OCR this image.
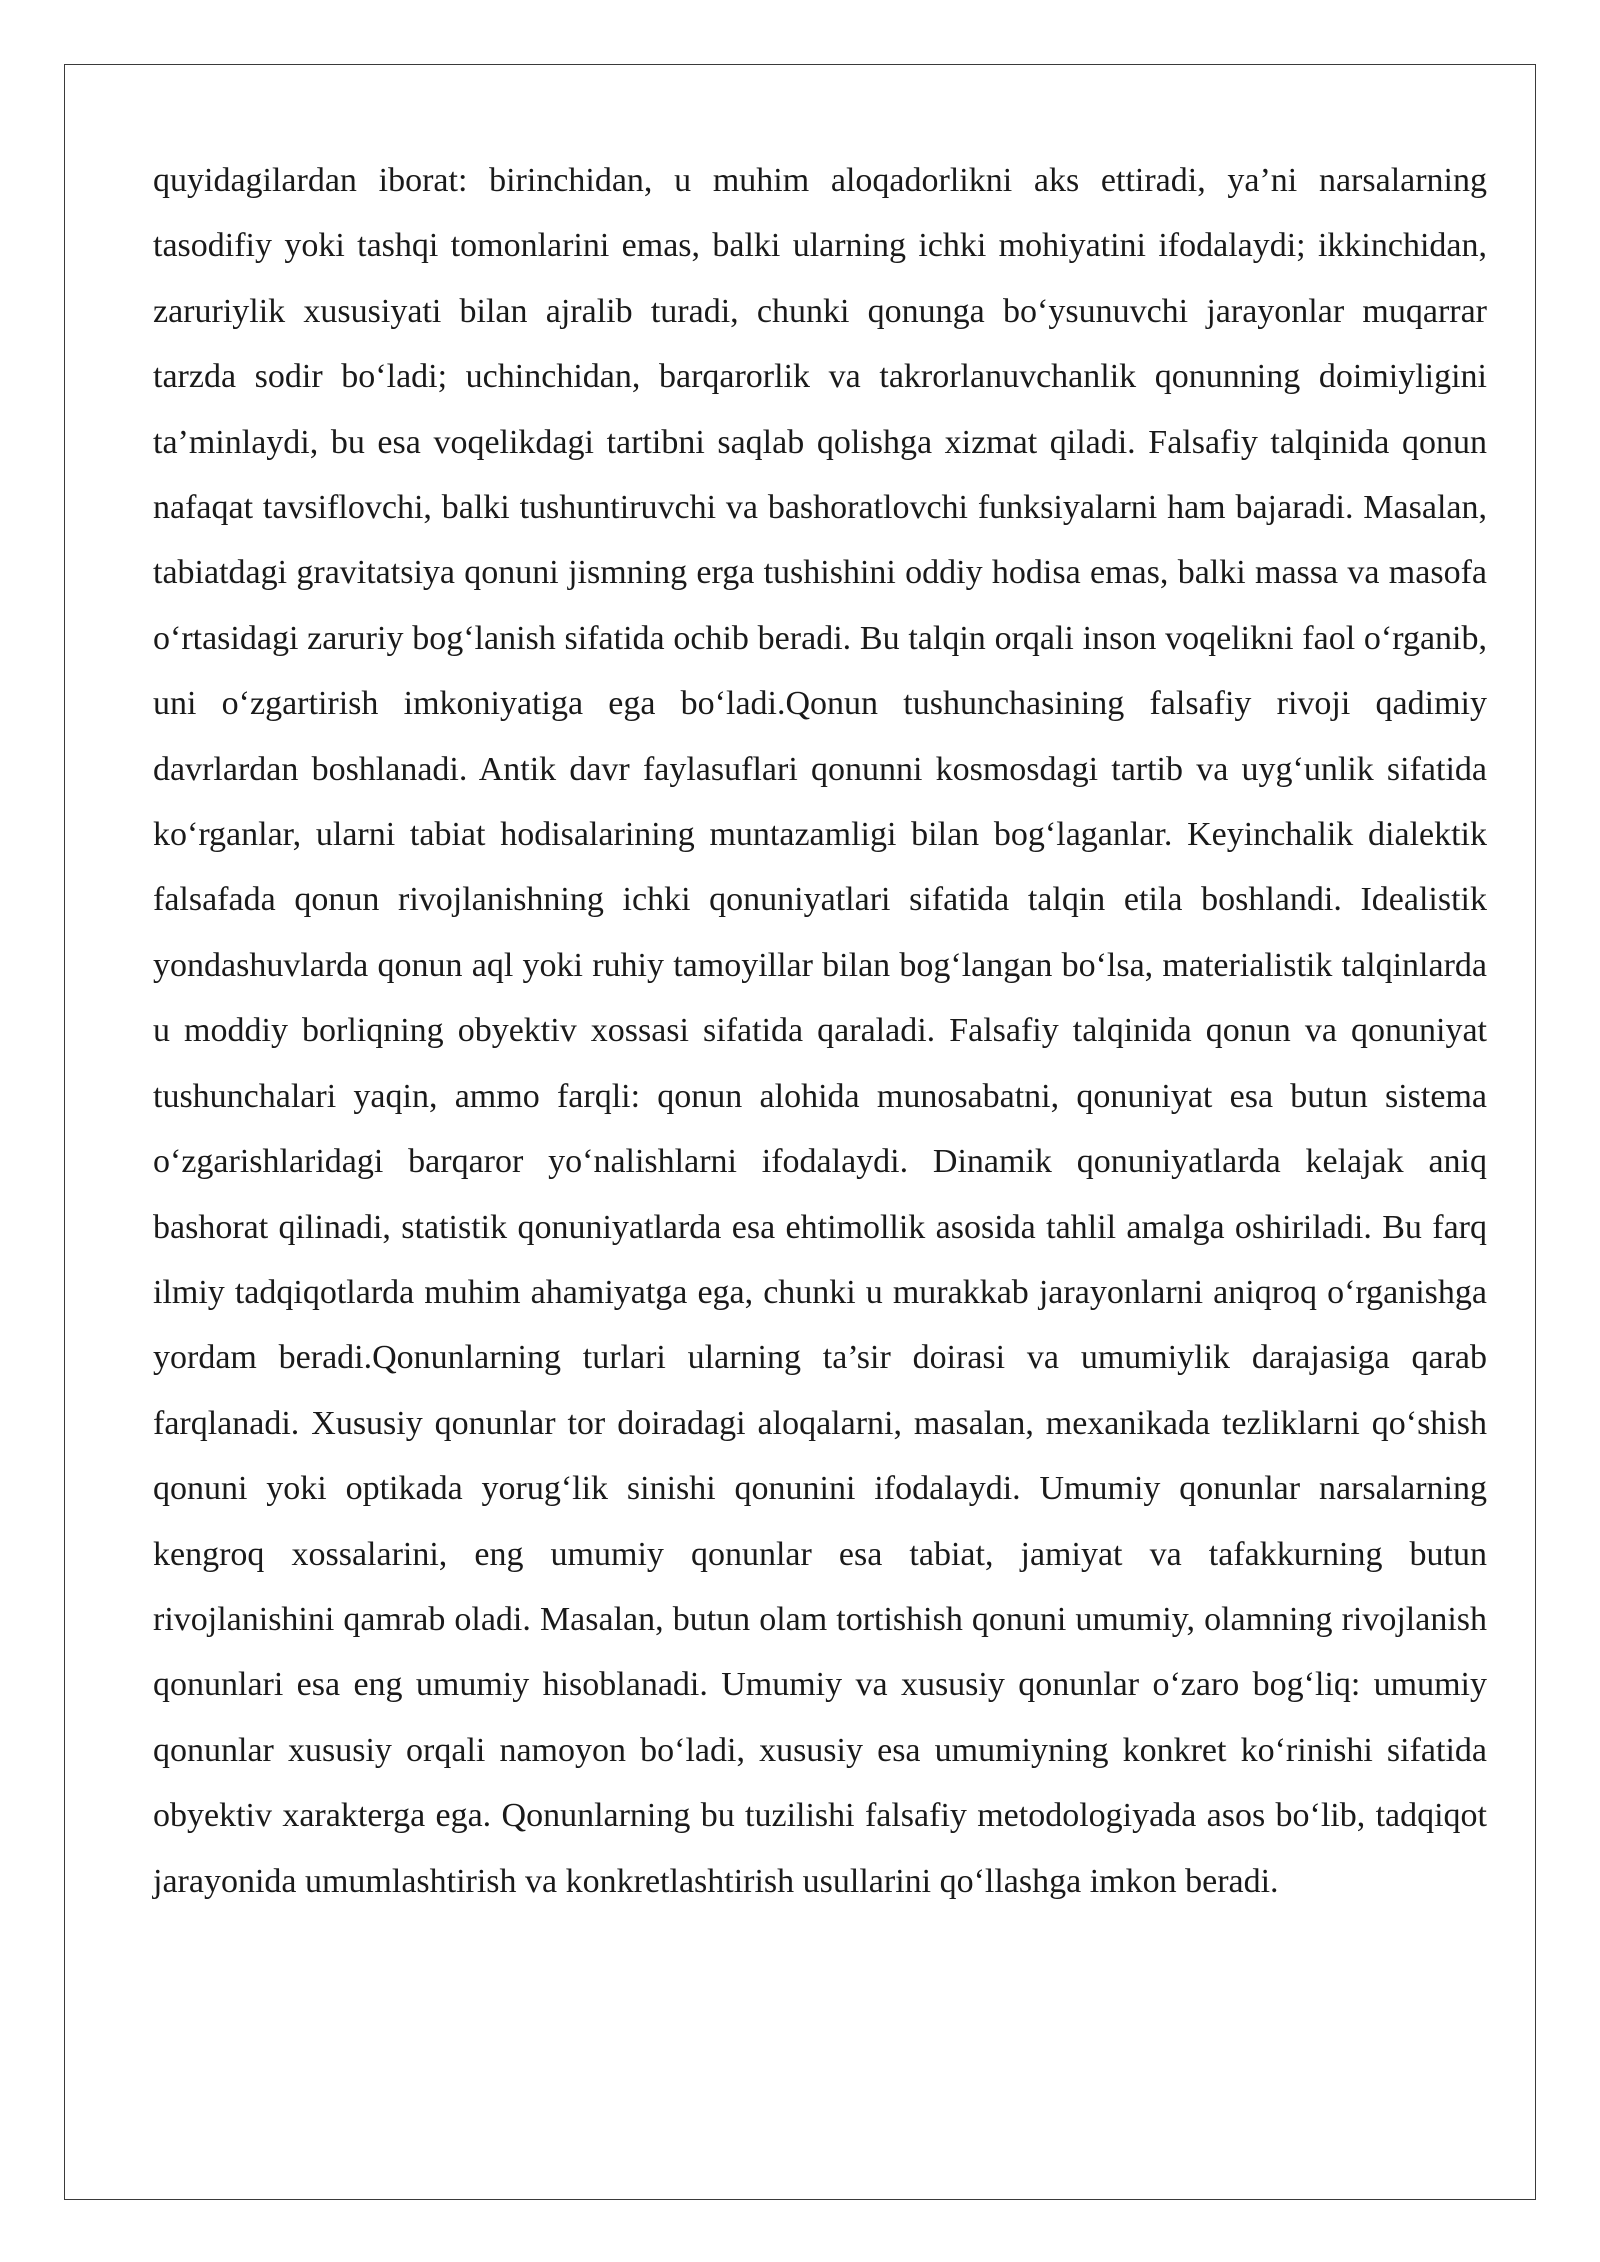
quyidagilardan iborat: birinchidan, u muhim aloqadorlikni aks ettiradi, ya’ni narsalarning tasodifiy yoki tashqi tomonlarini emas, balki ularning ichki mohiyatini ifodalaydi; ikkinchidan, zaruriylik xususiyati bilan ajralib turadi, chunki qonunga bo‘ysunuvchi jarayonlar muqarrar tarzda sodir bo‘ladi; uchinchidan, barqarorlik va takrorlanuvchanlik qonunning doimiyligini ta’minlaydi, bu esa voqelikdagi tartibni saqlab qolishga xizmat qiladi. Falsafiy talqinida qonun nafaqat tavsiflovchi, balki tushuntiruvchi va bashoratlovchi funksiyalarni ham bajaradi. Masalan, tabiatdagi gravitatsiya qonuni jismning erga tushishini oddiy hodisa emas, balki massa va masofa o‘rtasidagi zaruriy bog‘lanish sifatida ochib beradi. Bu talqin orqali inson voqelikni faol o‘rganib, uni o‘zgartirish imkoniyatiga ega bo‘ladi.Qonun tushunchasining falsafiy rivoji qadimiy davrlardan boshlanadi. Antik davr faylasuflari qonunni kosmosdagi tartib va uyg‘unlik sifatida ko‘rganlar, ularni tabiat hodisalarining muntazamligi bilan bog‘laganlar. Keyinchalik dialektik falsafada qonun rivojlanishning ichki qonuniyatlari sifatida talqin etila boshlandi. Idealistik yondashuvlarda qonun aql yoki ruhiy tamoyillar bilan bog‘langan bo‘lsa, materialistik talqinlarda u moddiy borliqning obyektiv xossasi sifatida qaraladi. Falsafiy talqinida qonun va qonuniyat tushunchalari yaqin, ammo farqli: qonun alohida munosabatni, qonuniyat esa butun sistema o‘zgarishlaridagi barqaror yo‘nalishlarni ifodalaydi. Dinamik qonuniyatlarda kelajak aniq bashorat qilinadi, statistik qonuniyatlarda esa ehtimollik asosida tahlil amalga oshiriladi. Bu farq ilmiy tadqiqotlarda muhim ahamiyatga ega, chunki u murakkab jarayonlarni aniqroq o‘rganishga yordam beradi.Qonunlarning turlari ularning ta’sir doirasi va umumiylik darajasiga qarab farqlanadi. Xususiy qonunlar tor doiradagi aloqalarni, masalan, mexanikada tezliklarni qo‘shish qonuni yoki optikada yorug‘lik sinishi qonunini ifodalaydi. Umumiy qonunlar narsalarning kengroq xossalarini, eng umumiy qonunlar esa tabiat, jamiyat va tafakkurning butun rivojlanishini qamrab oladi. Masalan, butun olam tortishish qonuni umumiy, olamning rivojlanish qonunlari esa eng umumiy hisoblanadi. Umumiy va xususiy qonunlar o‘zaro bog‘liq: umumiy qonunlar xususiy orqali namoyon bo‘ladi, xususiy esa umumiyning konkret ko‘rinishi sifatida obyektiv xarakterga ega. Qonunlarning bu tuzilishi falsafiy metodologiyada asos bo‘lib, tadqiqot jarayonida umumlashtirish va konkretlashtirish usullarini qo‘llashga imkon beradi.
